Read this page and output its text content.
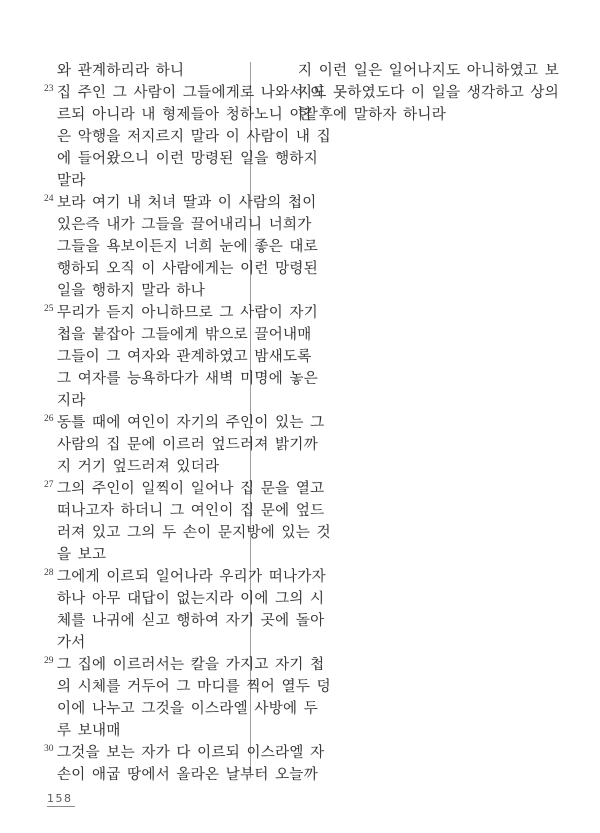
와 관계하리라 하니
23 집 주인 그 사람이 그들에게로 나와서 이
르되 아니라 내 형제들아 청하노니 이같
은 악행을 저지르지 말라 이 사람이 내 집
에 들어왔으니 이런 망령된 일을 행하지
말라
24 보라 여기 내 처녀 딸과 이 사람의 첩이
있은즉 내가 그들을 끌어내리니 너희가
그들을 욕보이든지 너희 눈에 좋은 대로
행하되 오직 이 사람에게는 이런 망령된
일을 행하지 말라 하나
25 무리가 듣지 아니하므로 그 사람이 자기
첩을 붙잡아 그들에게 밖으로 끌어내매
그들이 그 여자와 관계하였고 밤새도록
그 여자를 능욕하다가 새벽 미명에 놓은
지라
26 동틀 때에 여인이 자기의 주인이 있는 그
사람의 집 문에 이르러 엎드러져 밝기까
지 거기 엎드러져 있더라
27 그의 주인이 일찍이 일어나 집 문을 열고
떠나고자 하더니 그 여인이 집 문에 엎드
러져 있고 그의 두 손이 문지방에 있는 것
을 보고
28 그에게 이르되 일어나라 우리가 떠나가자
하나 아무 대답이 없는지라 이에 그의 시
체를 나귀에 싣고 행하여 자기 곳에 돌아
가서
29 그 집에 이르러서는 칼을 가지고 자기 첩
의 시체를 거두어 그 마디를 찍어 열두 덩
이에 나누고 그것을 이스라엘 사방에 두
루 보내매
30 그것을 보는 자가 다 이르되 이스라엘 자
손이 애굽 땅에서 올라온 날부터 오늘까
지 이런 일은 일어나지도 아니하였고 보
지도 못하였도다 이 일을 생각하고 상의
한 후에 말하자 하니라
158
